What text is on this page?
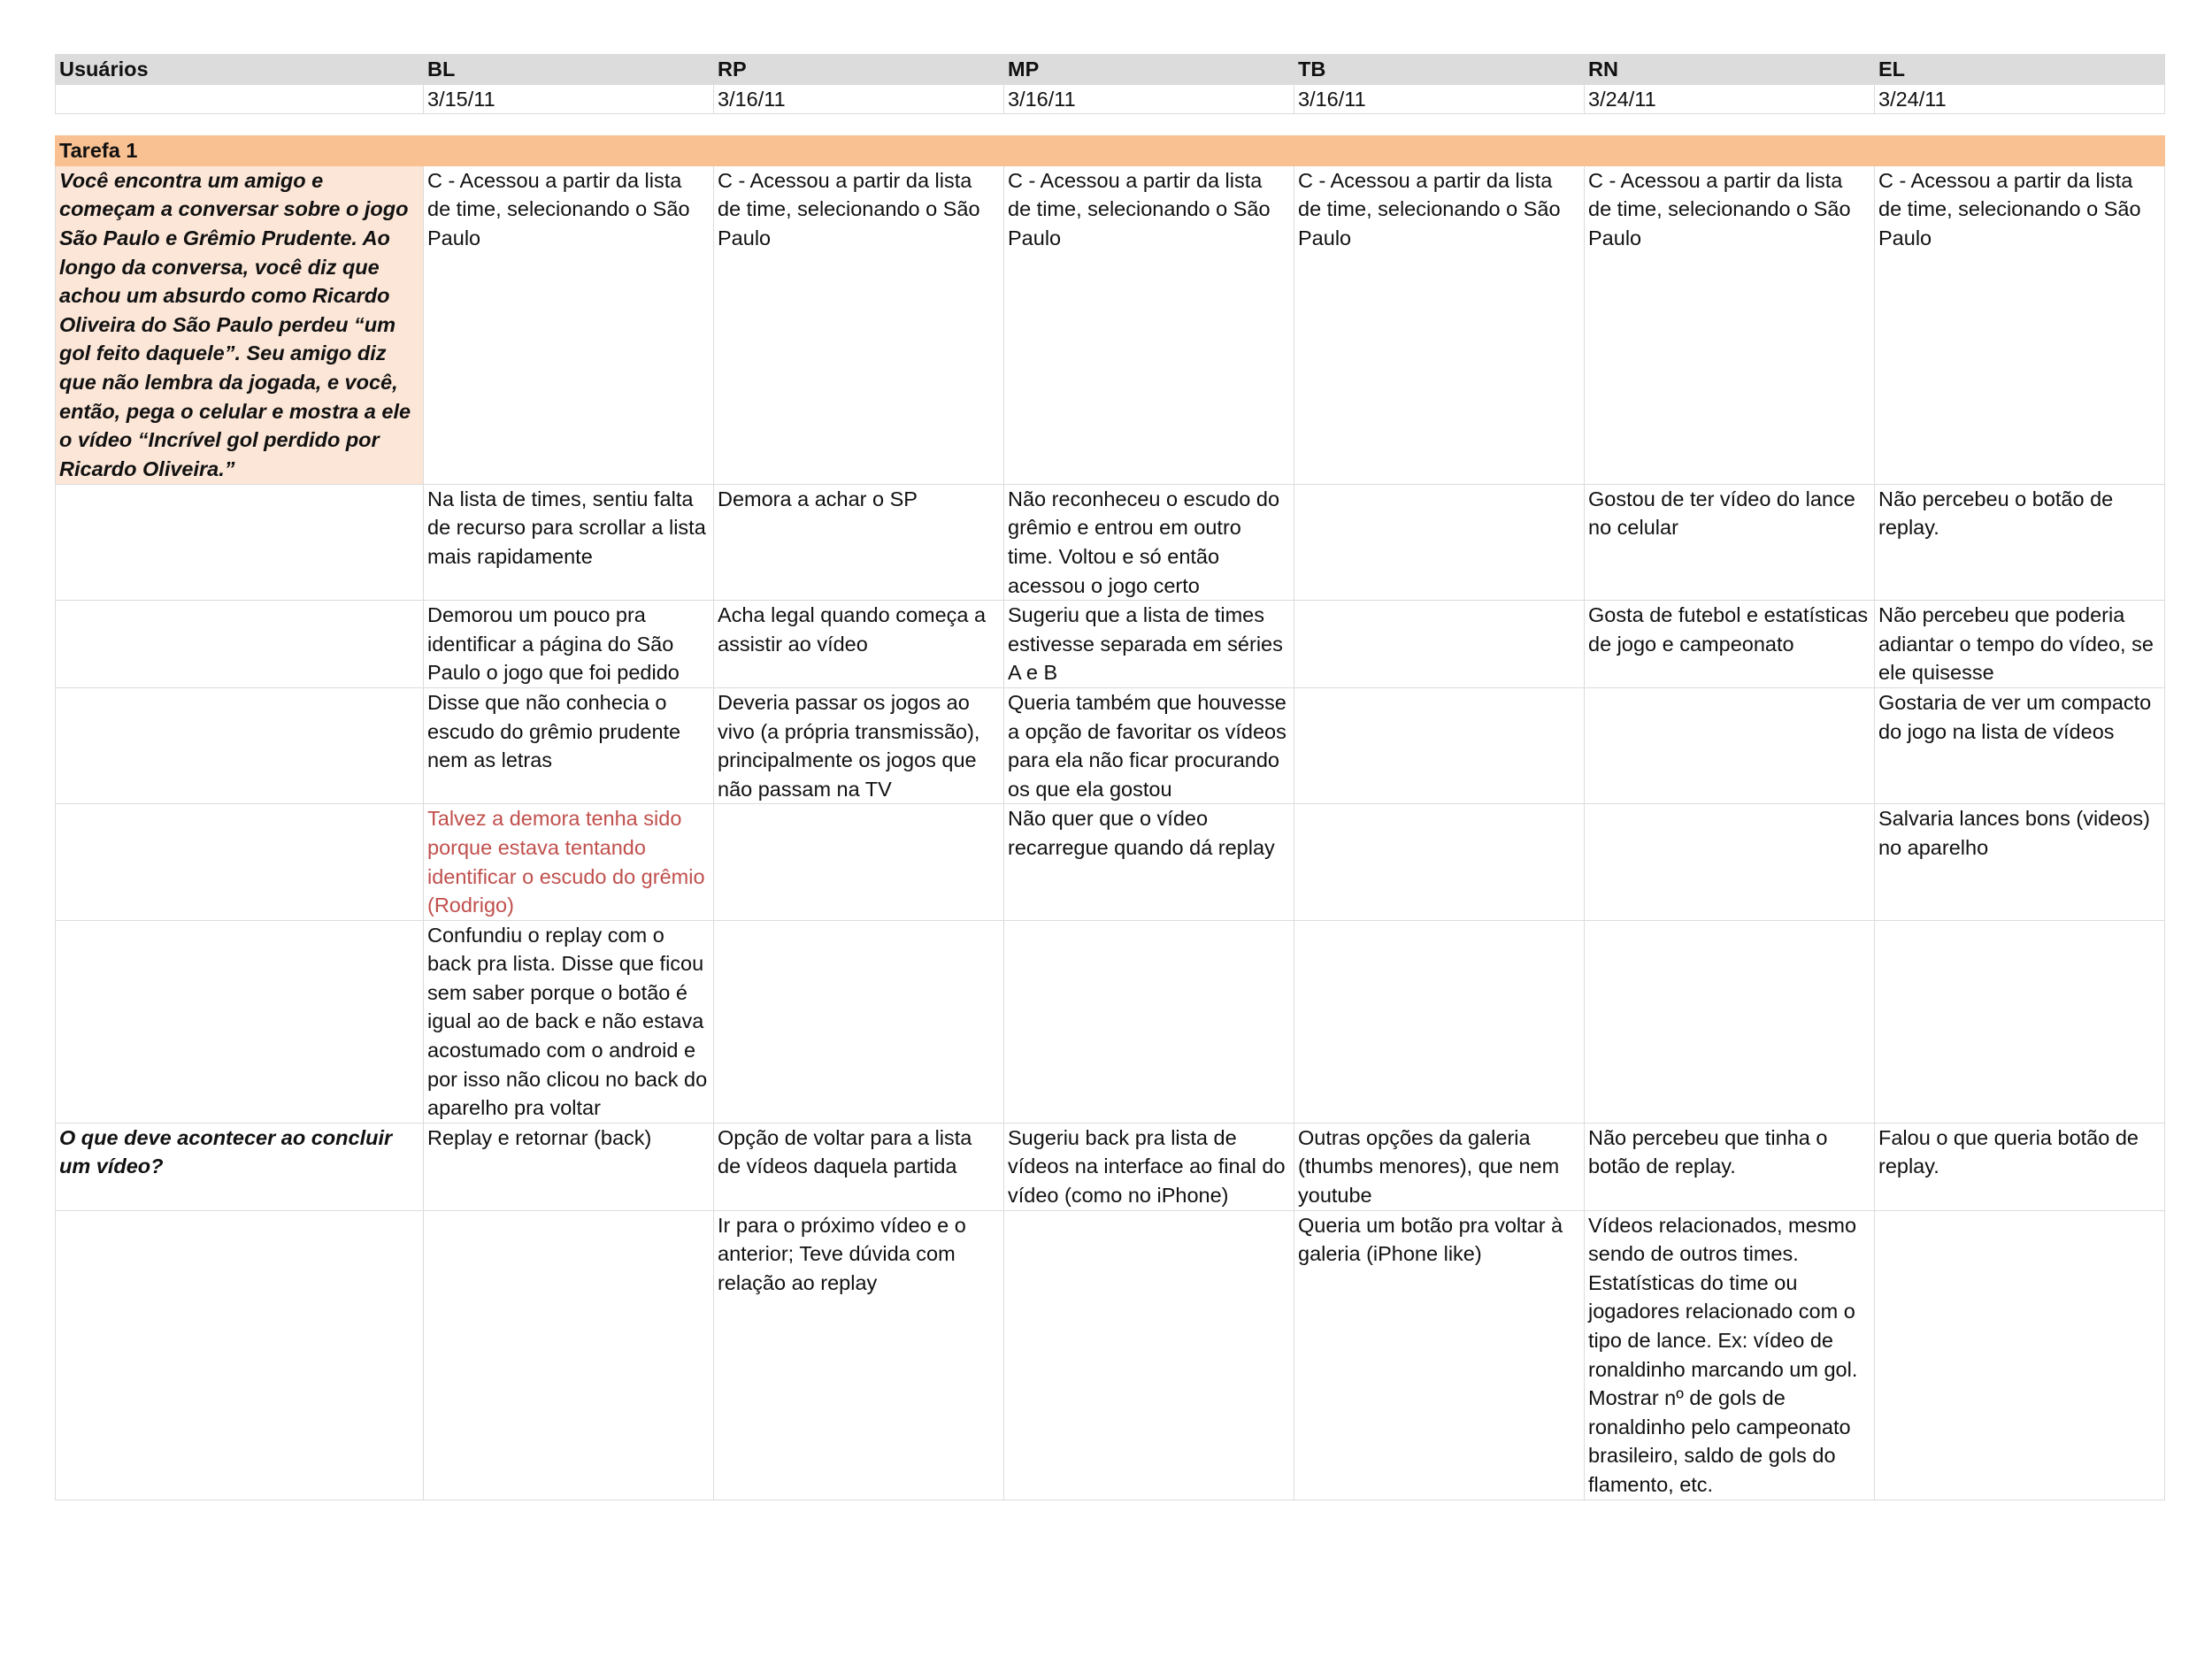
Usuários	BL	RP	MP	TB	RN	EL
	3/15/11	3/16/11	3/16/11	3/16/11	3/24/11	3/24/11

Tarefa 1						
Você encontra um amigo e começam a conversar sobre o jogo São Paulo e Grêmio Prudente. Ao longo da conversa, você diz que achou um absurdo como Ricardo Oliveira do São Paulo perdeu “um gol feito daquele”. Seu amigo diz que não lembra da jogada, e você, então, pega o celular e mostra a ele o vídeo “Incrível gol perdido por Ricardo Oliveira.”	C - Acessou a partir da lista de time, selecionando o São Paulo	C - Acessou a partir da lista de time, selecionando o São Paulo	C - Acessou a partir da lista de time, selecionando o São Paulo	C - Acessou a partir da lista de time, selecionando o São Paulo	C - Acessou a partir da lista de time, selecionando o São Paulo	C - Acessou a partir da lista de time, selecionando o São Paulo
	Na lista de times, sentiu falta de recurso para scrollar a lista mais rapidamente	Demora a achar o SP	Não reconheceu o escudo do grêmio e entrou em outro time. Voltou e só então acessou o jogo certo		Gostou de ter vídeo do lance no celular	Não percebeu o botão de replay.
	Demorou um pouco pra identificar a página do São Paulo o jogo que foi pedido	Acha legal quando começa a assistir ao vídeo	Sugeriu que a lista de times estivesse separada em séries A e B		Gosta de futebol e estatísticas de jogo e campeonato	Não percebeu que poderia adiantar o tempo do vídeo, se ele quisesse
	Disse que não conhecia o escudo do grêmio prudente nem as letras	Deveria passar os jogos ao vivo (a própria transmissão), principalmente os jogos que não passam na TV	Queria também que houvesse a opção de favoritar os vídeos para ela não ficar procurando os que ela gostou			Gostaria de ver um compacto do jogo na lista de vídeos
	Talvez a demora tenha sido porque estava tentando identificar o escudo do grêmio (Rodrigo)		Não quer que o vídeo recarregue quando dá replay			Salvaria lances bons (videos) no aparelho
	Confundiu o replay com o back pra lista. Disse que ficou sem saber porque o botão é igual ao de back e não estava acostumado com o android e por isso não clicou no back do aparelho pra voltar					
O que deve acontecer ao concluir um vídeo?	Replay e retornar (back)	Opção de voltar para a lista de vídeos daquela partida	Sugeriu back pra lista de vídeos na interface ao final do vídeo (como no iPhone)	Outras opções da galeria (thumbs menores), que nem youtube	Não percebeu que tinha o botão de replay.	Falou o que queria botão de replay.
		Ir para o próximo vídeo e o anterior; Teve dúvida com relação ao replay		Queria um botão pra voltar à galeria (iPhone like)	Vídeos relacionados, mesmo sendo de outros times. Estatísticas do time ou jogadores relacionado com o tipo de lance. Ex: vídeo de ronaldinho marcando um gol. Mostrar nº de gols de ronaldinho pelo campeonato brasileiro, saldo de gols do flamento, etc.	
